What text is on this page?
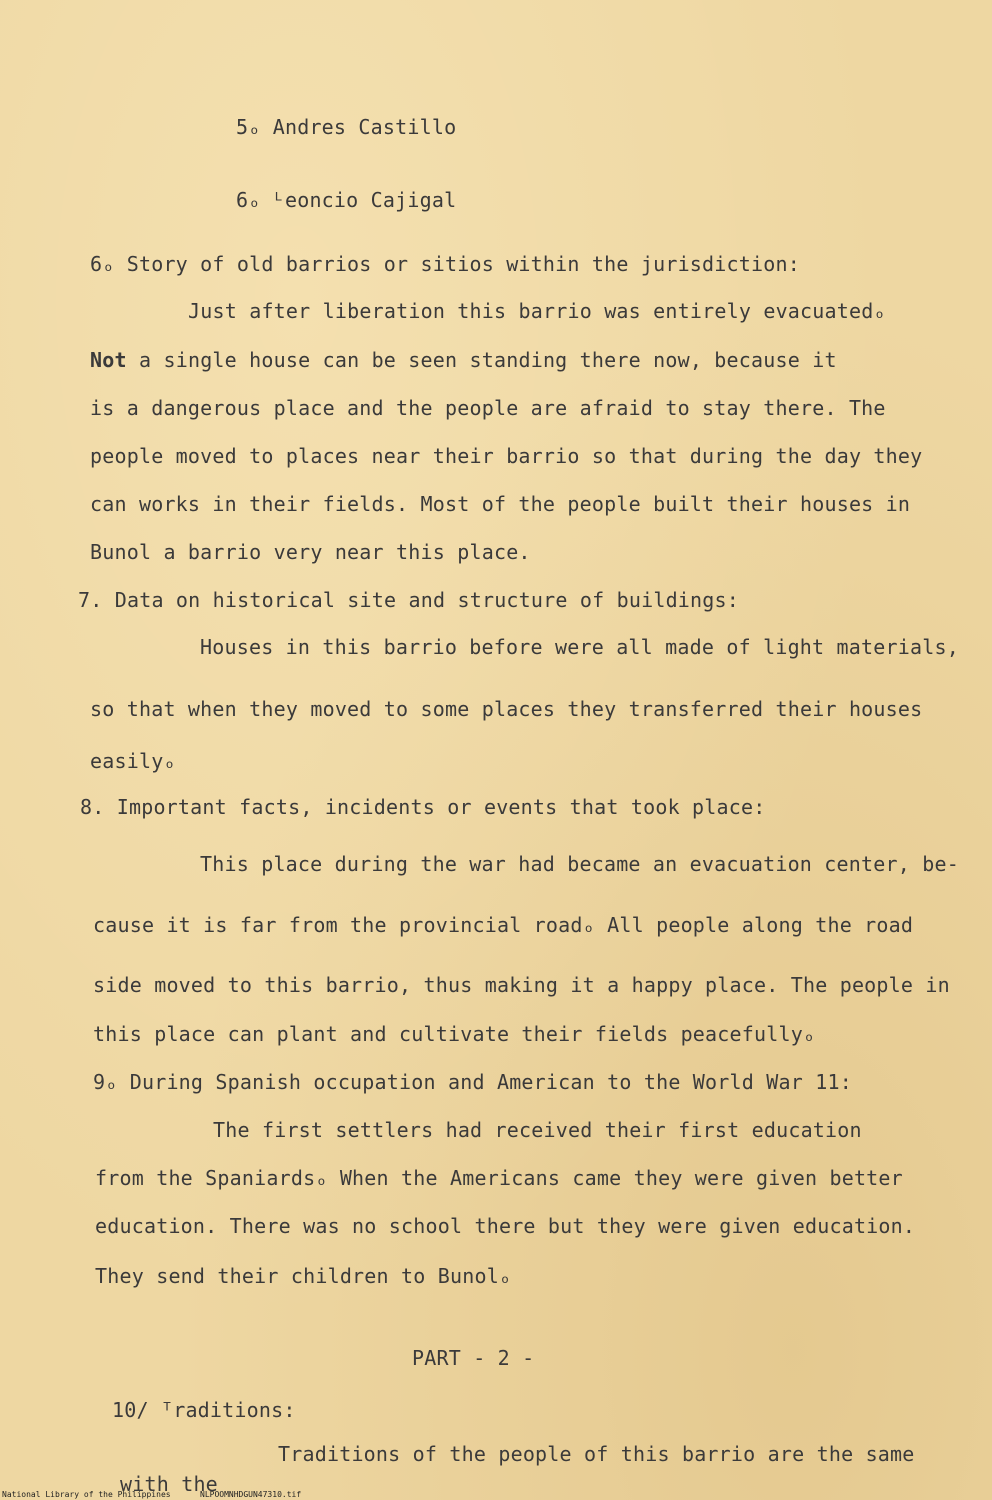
5ₒ Andres Castillo
6ₒ ᴸeoncio Cajigal
6ₒ Story of old barrios or sitios within the jurisdiction:
Just after liberation this barrio was entirely evacuatedₒ
Not a single house can be seen standing there now, because it
is a dangerous place and the people are afraid to stay there. The
people moved to places near their barrio so that during the day they
can works in their fields. Most of the people built their houses in
Bunol a barrio very near this place.
7. Data on historical site and structure of buildings:
Houses in this barrio before were all made of light materials,
so that when they moved to some places they transferred their houses
easilyₒ
8. Important facts, incidents or events that took place:
This place during the war had became an evacuation center, be-
cause it is far from the provincial roadₒ All people along the road
side moved to this barrio, thus making it a happy place. The people in
this place can plant and cultivate their fields peacefullyₒ
9ₒ During Spanish occupation and American to the World War 11:
The first settlers had received their first education
from the Spaniardsₒ When the Americans came they were given better
education. There was no school there but they were given education.
They send their children to Bunolₒ
PART - 2 -
10/ ᵀraditions:
Traditions of the people of this barrio are the same
with the
National Library of the Philippines	NLPOOMNHDGUN47310.tif
